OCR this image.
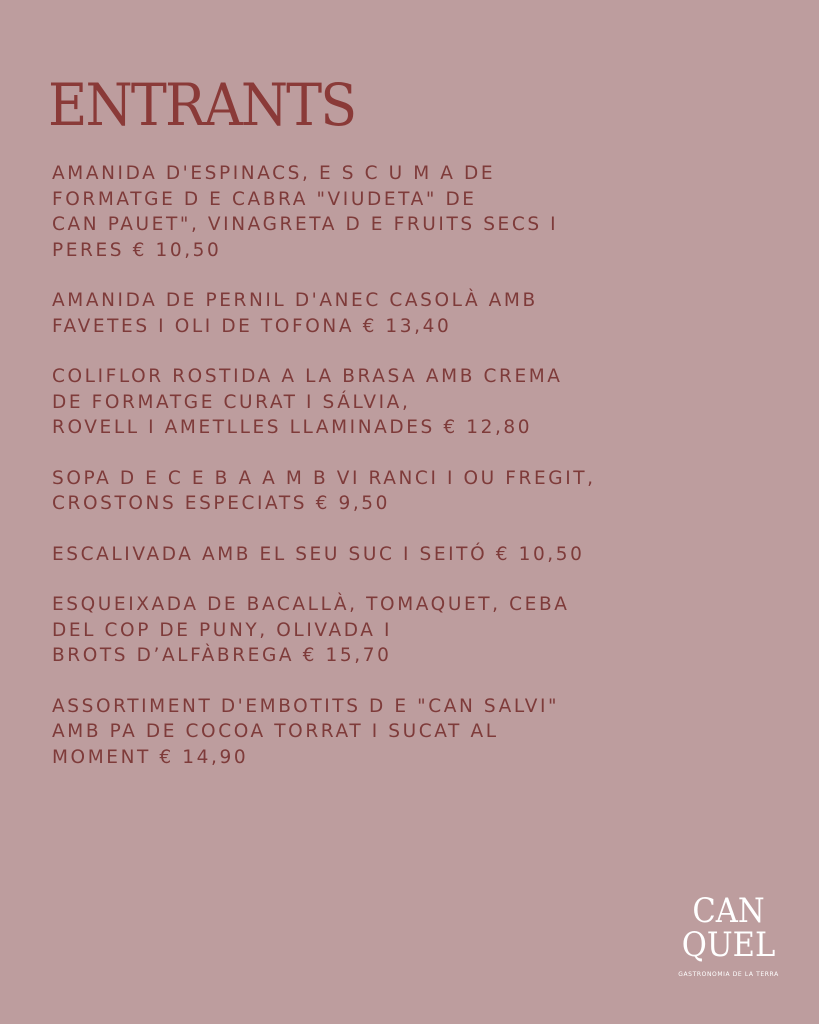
ENTRANTS

AMANIDA D'ESPINACS, E S C U M A DE
FORMATGE D E CABRA "VIUDETA" DE
CAN PAUET", VINAGRETA D E FRUITS SECS I
PERES € 10,50

AMANIDA DE PERNIL D'ANEC CASOLÀ AMB
FAVETES I OLI DE TOFONA € 13,40

COLIFLOR ROSTIDA A LA BRASA AMB CREMA
DE FORMATGE CURAT I SÁLVIA,
ROVELL I AMETLLES LLAMINADES € 12,80

SOPA D E C E B A A M B VI RANCI I OU FREGIT,
CROSTONS ESPECIATS € 9,50

ESCALIVADA AMB EL SEU SUC I SEITÓ € 10,50

ESQUEIXADA DE BACALLÀ, TOMAQUET, CEBA
DEL COP DE PUNY, OLIVADA I
BROTS D’ALFÀBREGA € 15,70

ASSORTIMENT D'EMBOTITS D E "CAN SALVI"
AMB PA DE COCOA TORRAT I SUCAT AL
MOMENT € 14,90

CAN
QUEL
GASTRONOMIA DE LA TERRA
